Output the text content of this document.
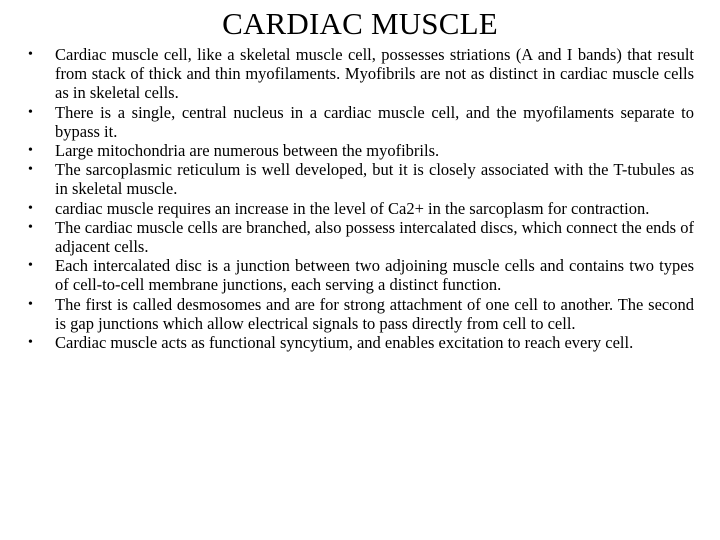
CARDIAC MUSCLE
• Cardiac muscle cell, like a skeletal muscle cell, possesses striations (A and I bands) that result from stack of thick and thin myofilaments. Myofibrils are not as distinct in cardiac muscle cells as in skeletal cells.
• There is a single, central nucleus in a cardiac muscle cell, and the myofilaments separate to bypass it.
• Large mitochondria are numerous between the myofibrils.
• The sarcoplasmic reticulum is well developed, but it is closely associated with the T-tubules as in skeletal muscle.
• cardiac muscle requires an increase in the level of Ca2+ in the sarcoplasm for contraction.
• The cardiac muscle cells are branched, also possess intercalated discs, which connect the ends of adjacent cells.
• Each intercalated disc is a junction between two adjoining muscle cells and contains two types of cell-to-cell membrane junctions, each serving a distinct function.
• The first is called desmosomes and are for strong attachment of one cell to another. The second is gap junctions which allow electrical signals to pass directly from cell to cell.
• Cardiac muscle acts as functional syncytium, and enables excitation to reach every cell.
